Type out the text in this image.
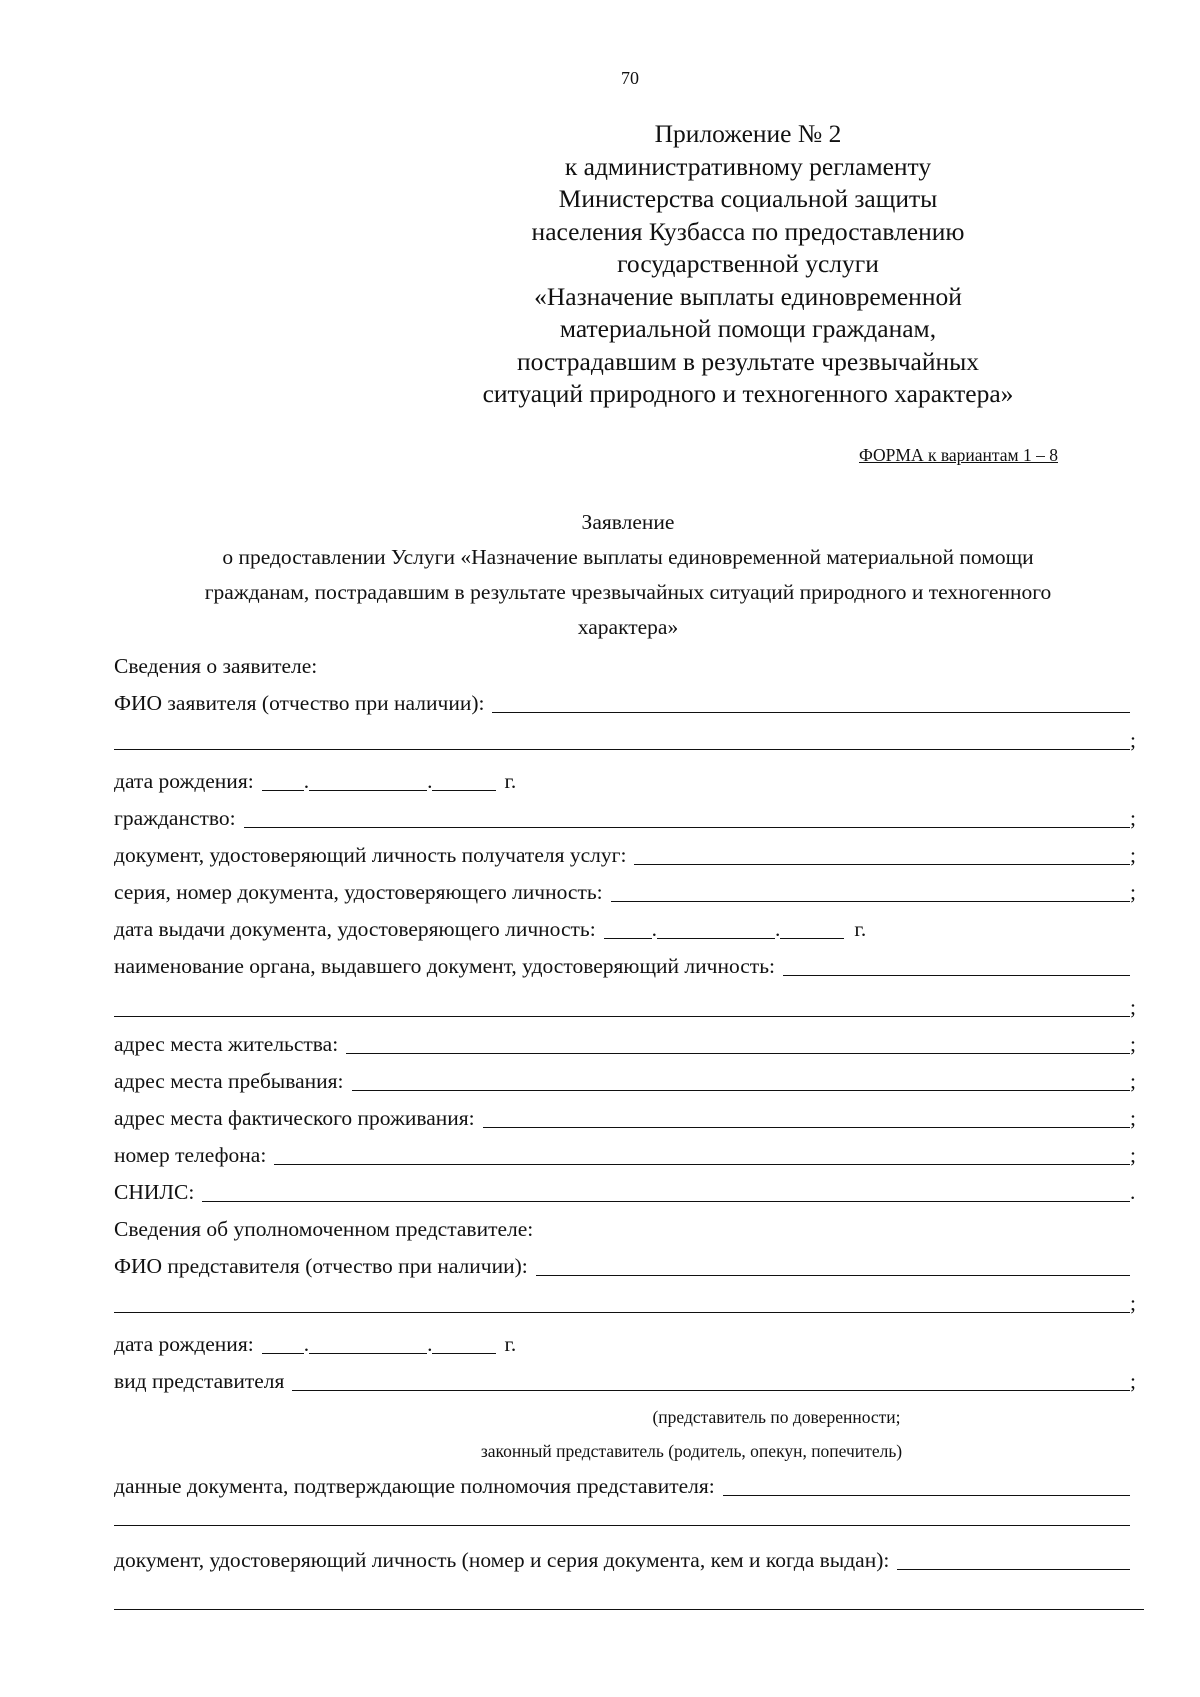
70
Приложение № 2
к административному регламенту
Министерства социальной защиты
населения Кузбасса по предоставлению
государственной услуги
«Назначение выплаты единовременной
материальной помощи гражданам,
пострадавшим в результате чрезвычайных
ситуаций природного и техногенного характера»
ФОРМА к вариантам 1 – 8
Заявление
о предоставлении Услуги «Назначение выплаты единовременной материальной помощи
гражданам, пострадавшим в результате чрезвычайных ситуаций природного и техногенного
характера»
Сведения о заявителе:
ФИО заявителя (отчество при наличии):
;
дата рождения: .	.	г.
гражданство:	;
документ, удостоверяющий личность получателя услуг:	;
серия, номер документа, удостоверяющего личность:	;
дата выдачи документа, удостоверяющего личность:	.	.	г.
наименование органа, выдавшего документ, удостоверяющий личность:
;
адрес места жительства:	;
адрес места пребывания:	;
адрес места фактического проживания:	;
номер телефона:	;
СНИЛС:	.
Сведения об уполномоченном представителе:
ФИО представителя (отчество при наличии):
;
дата рождения: .	.	г.
вид представителя	;
(представитель по доверенности;
законный представитель (родитель, опекун, попечитель)
данные документа, подтверждающие полномочия представителя:
документ, удостоверяющий личность (номер и серия документа, кем и когда выдан):
